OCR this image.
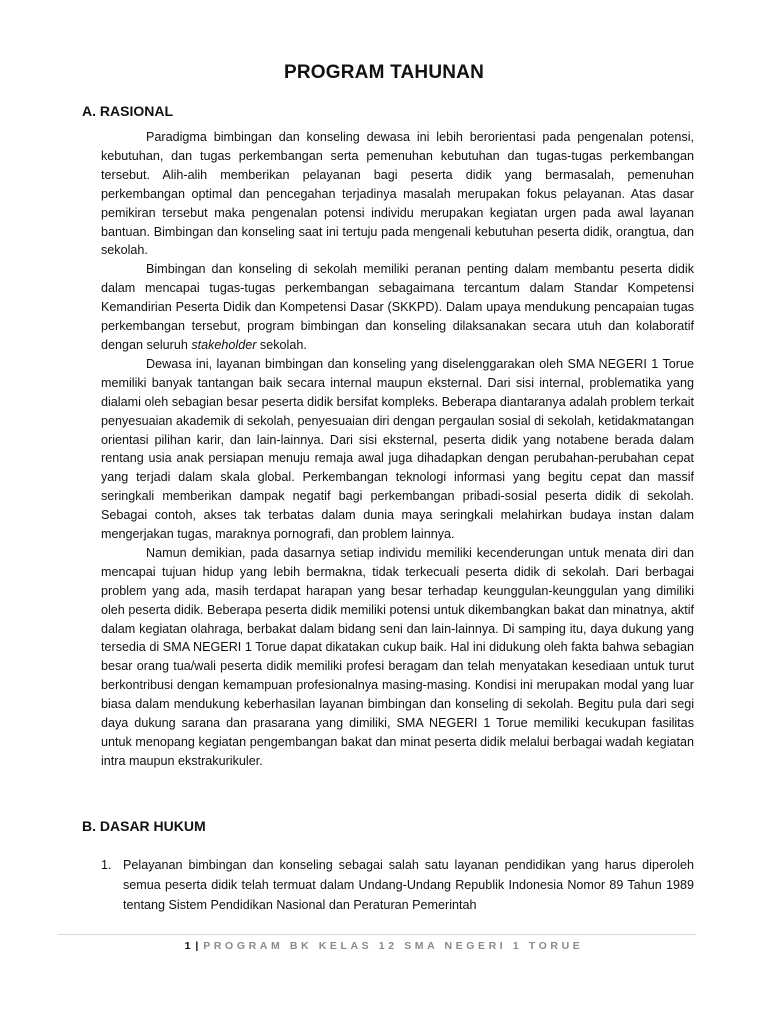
PROGRAM TAHUNAN
A. RASIONAL

Paradigma bimbingan dan konseling dewasa ini lebih berorientasi pada pengenalan potensi, kebutuhan, dan tugas perkembangan serta pemenuhan kebutuhan dan tugas-tugas perkembangan tersebut. Alih-alih memberikan pelayanan bagi peserta didik yang bermasalah, pemenuhan perkembangan optimal dan pencegahan terjadinya masalah merupakan fokus pelayanan. Atas dasar pemikiran tersebut maka pengenalan potensi individu merupakan kegiatan urgen pada awal layanan bantuan. Bimbingan dan konseling saat ini tertuju pada mengenali kebutuhan peserta didik, orangtua, dan sekolah.

Bimbingan dan konseling di sekolah memiliki peranan penting dalam membantu peserta didik dalam mencapai tugas-tugas perkembangan sebagaimana tercantum dalam Standar Kompetensi Kemandirian Peserta Didik dan Kompetensi Dasar (SKKPD). Dalam upaya mendukung pencapaian tugas perkembangan tersebut, program bimbingan dan konseling dilaksanakan secara utuh dan kolaboratif dengan seluruh stakeholder sekolah.

Dewasa ini, layanan bimbingan dan konseling yang diselenggarakan oleh SMA NEGERI 1 Torue memiliki banyak tantangan baik secara internal maupun eksternal. Dari sisi internal, problematika yang dialami oleh sebagian besar peserta didik bersifat kompleks. Beberapa diantaranya adalah problem terkait penyesuaian akademik di sekolah, penyesuaian diri dengan pergaulan sosial di sekolah, ketidakmatangan orientasi pilihan karir, dan lain-lainnya. Dari sisi eksternal, peserta didik yang notabene berada dalam rentang usia anak persiapan menuju remaja awal juga dihadapkan dengan perubahan-perubahan cepat yang terjadi dalam skala global. Perkembangan teknologi informasi yang begitu cepat dan massif seringkali memberikan dampak negatif bagi perkembangan pribadi-sosial peserta didik di sekolah. Sebagai contoh, akses tak terbatas dalam dunia maya seringkali melahirkan budaya instan dalam mengerjakan tugas, maraknya pornografi, dan problem lainnya.

Namun demikian, pada dasarnya setiap individu memiliki kecenderungan untuk menata diri dan mencapai tujuan hidup yang lebih bermakna, tidak terkecuali peserta didik di sekolah. Dari berbagai problem yang ada, masih terdapat harapan yang besar terhadap keunggulan-keunggulan yang dimiliki oleh peserta didik. Beberapa peserta didik memiliki potensi untuk dikembangkan bakat dan minatnya, aktif dalam kegiatan olahraga, berbakat dalam bidang seni dan lain-lainnya. Di samping itu, daya dukung yang tersedia di SMA NEGERI 1 Torue dapat dikatakan cukup baik. Hal ini didukung oleh fakta bahwa sebagian besar orang tua/wali peserta didik memiliki profesi beragam dan telah menyatakan kesediaan untuk turut berkontribusi dengan kemampuan profesionalnya masing-masing. Kondisi ini merupakan modal yang luar biasa dalam mendukung keberhasilan layanan bimbingan dan konseling di sekolah. Begitu pula dari segi daya dukung sarana dan prasarana yang dimiliki, SMA NEGERI 1 Torue memiliki kecukupan fasilitas untuk menopang kegiatan pengembangan bakat dan minat peserta didik melalui berbagai wadah kegiatan intra maupun ekstrakurikuler.

B. DASAR HUKUM
1. Pelayanan bimbingan dan konseling sebagai salah satu layanan pendidikan yang harus diperoleh semua peserta didik telah termuat dalam Undang-Undang Republik Indonesia Nomor 89 Tahun 1989 tentang Sistem Pendidikan Nasional dan Peraturan Pemerintah
1 | PROGRAM BK KELAS 12 SMA NEGERI 1 TORUE
